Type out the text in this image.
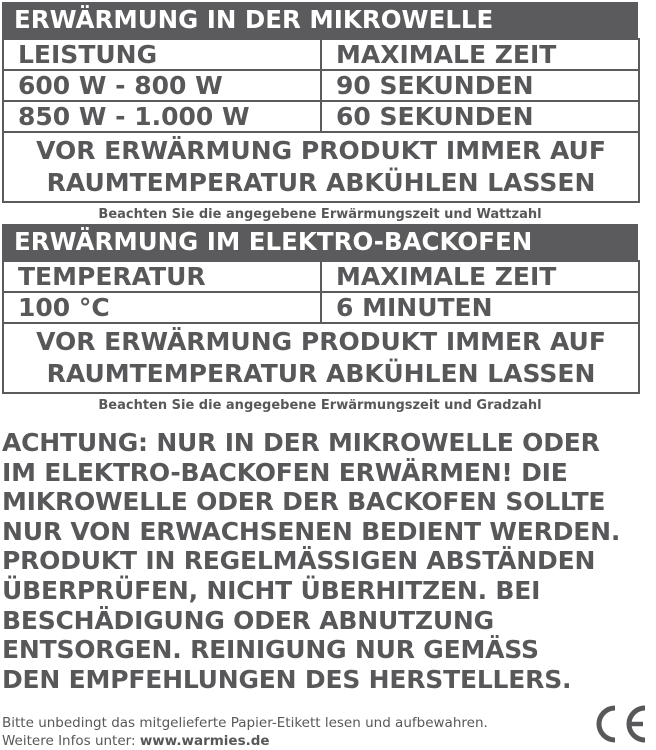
ERWÄRMUNG IN DER MIKROWELLE
LEISTUNG	MAXIMALE ZEIT
600 W - 800 W	90 SEKUNDEN
850 W - 1.000 W	60 SEKUNDEN

VOR ERWÄRMUNG PRODUKT IMMER AUF
RAUMTEMPERATUR ABKÜHLEN LASSEN	
Beachten Sie die angegebene Erwärmungszeit und Wattzahl
ERWÄRMUNG IM ELEKTRO-BACKOFEN
TEMPERATUR	MAXIMALE ZEIT
100 °C	6 MINUTEN

VOR ERWÄRMUNG PRODUKT IMMER AUF
RAUMTEMPERATUR ABKÜHLEN LASSEN	
Beachten Sie die angegebene Erwärmungszeit und Gradzahl
ACHTUNG: NUR IN DER MIKROWELLE ODER
IM ELEKTRO-BACKOFEN ERWÄRMEN! DIE
MIKROWELLE ODER DER BACKOFEN SOLLTE
NUR VON ERWACHSENEN BEDIENT WERDEN.
PRODUKT IN REGELMÄSSIGEN ABSTÄNDEN
ÜBERPRÜFEN, NICHT ÜBERHITZEN. BEI
BESCHÄDIGUNG ODER ABNUTZUNG
ENTSORGEN. REINIGUNG NUR GEMÄSS
DEN EMPFEHLUNGEN DES HERSTELLERS.
Bitte unbedingt das mitgelieferte Papier-Etikett lesen und aufbewahren.
Weitere Infos unter: www.warmies.de
